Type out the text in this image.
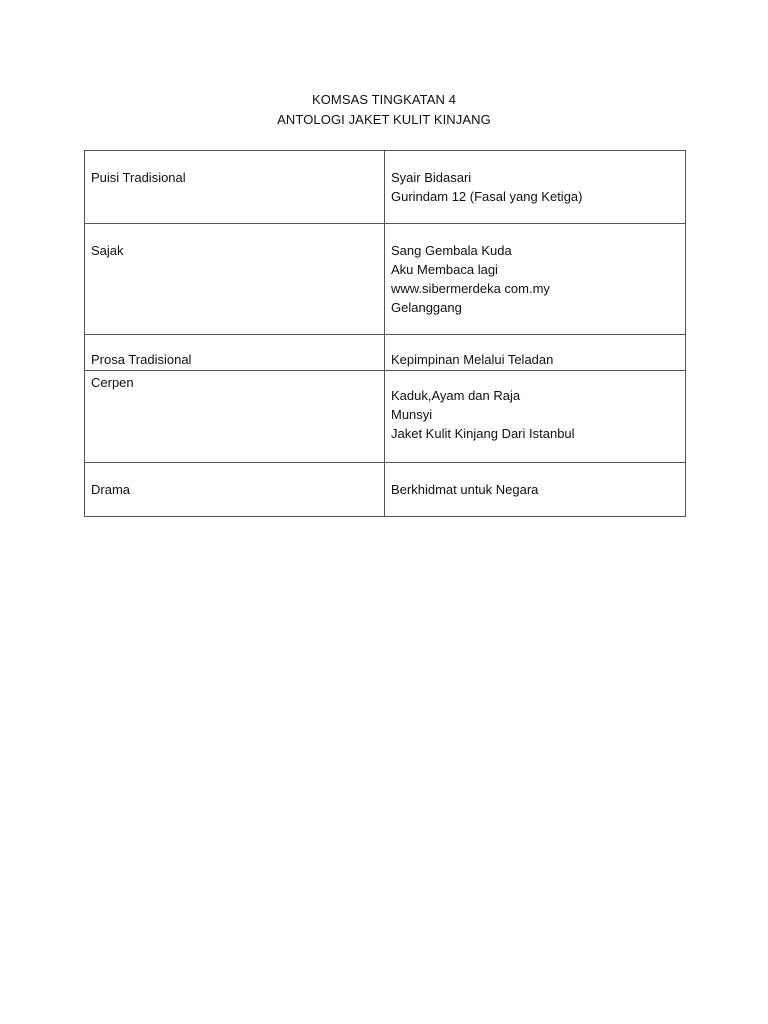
KOMSAS TINGKATAN 4
ANTOLOGI JAKET KULIT KINJANG
Puisi Tradisional	Syair Bidasari
Gurindam 12 (Fasal yang Ketiga)

Sajak	Sang Gembala Kuda
Aku Membaca lagi
www.sibermerdeka com.my
Gelanggang

Prosa Tradisional	Kepimpinan Melalui Teladan

Cerpen	Kaduk,Ayam dan Raja
Munsyi
Jaket Kulit Kinjang Dari Istanbul

Drama	Berkhidmat untuk Negara
